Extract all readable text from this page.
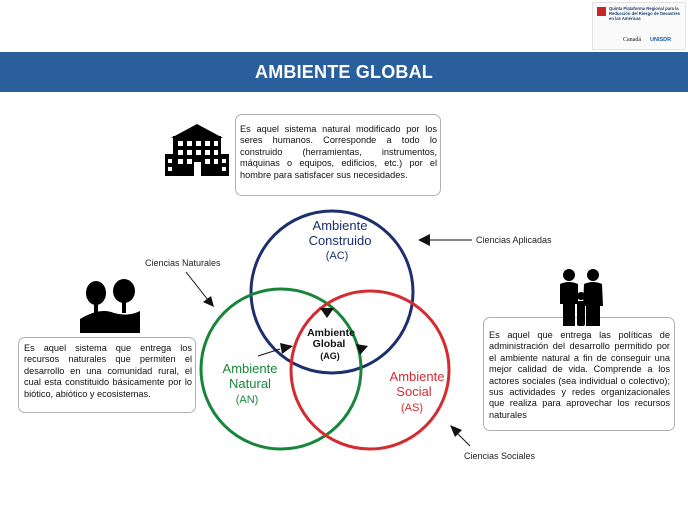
Quinta Plataforma Regional para la Reducción del Riesgo de Desastres en las Américas
Canadá UNISDR
AMBIENTE GLOBAL
Ambiente
Construido
(AC)
Ambiente
Natural
(AN)
Ambiente
Social
(AS)
Ambiente
Global
(AG)
Ciencias Naturales
Ciencias Aplicadas
Ciencias Sociales
Es aquel sistema natural modificado por los seres humanos. Corresponde a todo lo construido (herramientas, instrumentos, máquinas o equipos, edificios, etc.) por el hombre para satisfacer sus necesidades.
Es aquel sistema que entrega los recursos naturales que permiten el desarrollo en una comunidad rural, el cual esta constituido básicamente por lo biótico, abiótico y ecosistemas.
Es aquel que entrega las políticas de administración del desarrollo permitido por el ambiente natural a fin de conseguir una mejor calidad de vida. Comprende a los actores sociales (sea individual o colectivo); sus actividades y redes organizacionales que realiza para aprovechar los recursos naturales
